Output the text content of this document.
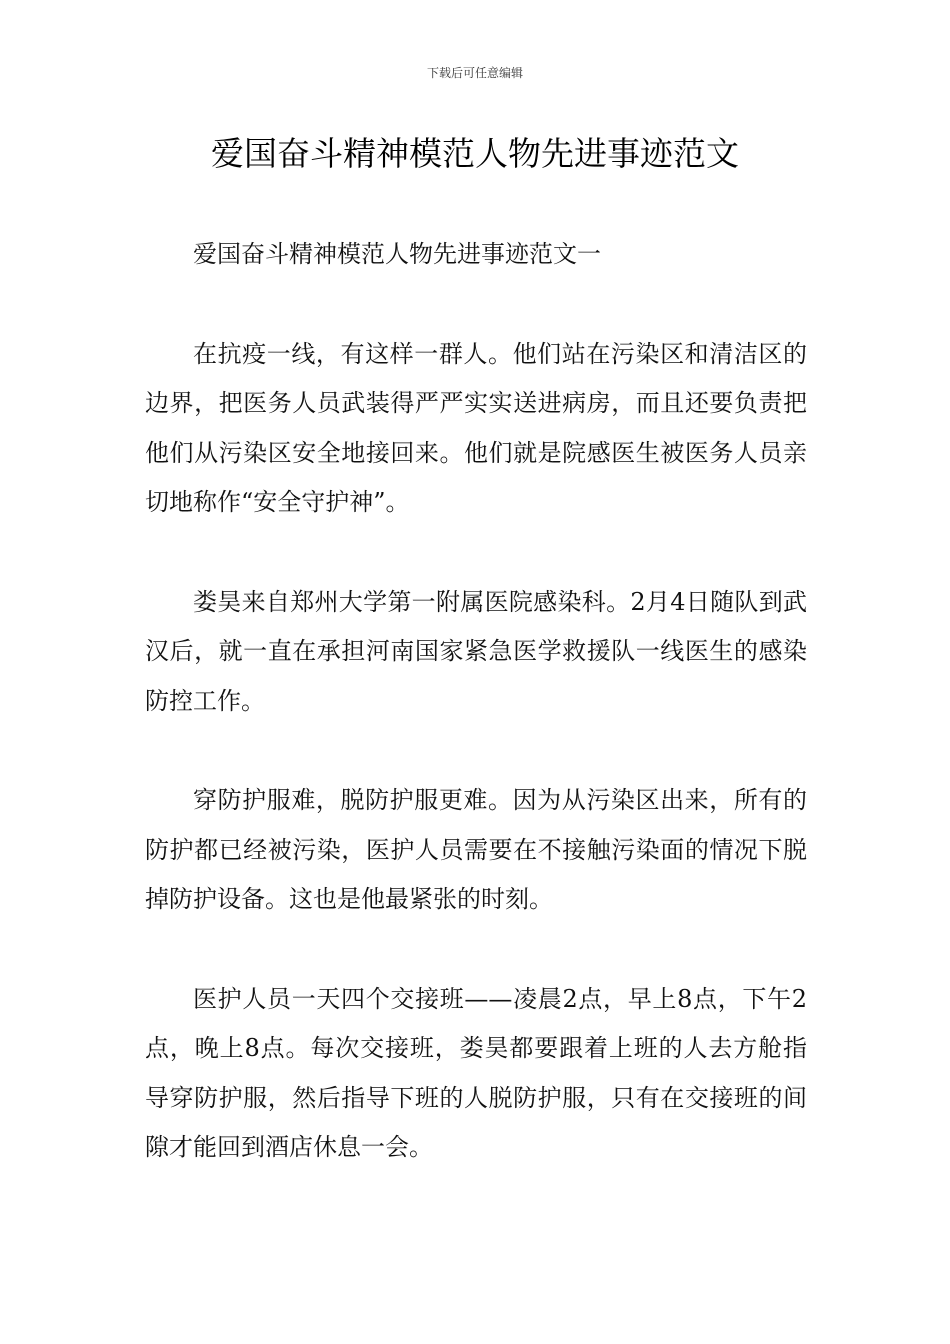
下载后可任意编辑
爱国奋斗精神模范人物先进事迹范文

爱国奋斗精神模范人物先进事迹范文一

在抗疫一线，有这样一群人。他们站在污染区和清洁区的边界，把医务人员武装得严严实实送进病房，而且还要负责把他们从污染区安全地接回来。他们就是院感医生被医务人员亲切地称作“安全守护神”。

娄昊来自郑州大学第一附属医院感染科。2月4日随队到武汉后，就一直在承担河南国家紧急医学救援队一线医生的感染防控工作。

穿防护服难，脱防护服更难。因为从污染区出来，所有的防护都已经被污染，医护人员需要在不接触污染面的情况下脱掉防护设备。这也是他最紧张的时刻。

医护人员一天四个交接班——凌晨2点，早上8点，下午2点，晚上8点。每次交接班，娄昊都要跟着上班的人去方舱指导穿防护服，然后指导下班的人脱防护服，只有在交接班的间隙才能回到酒店休息一会。
